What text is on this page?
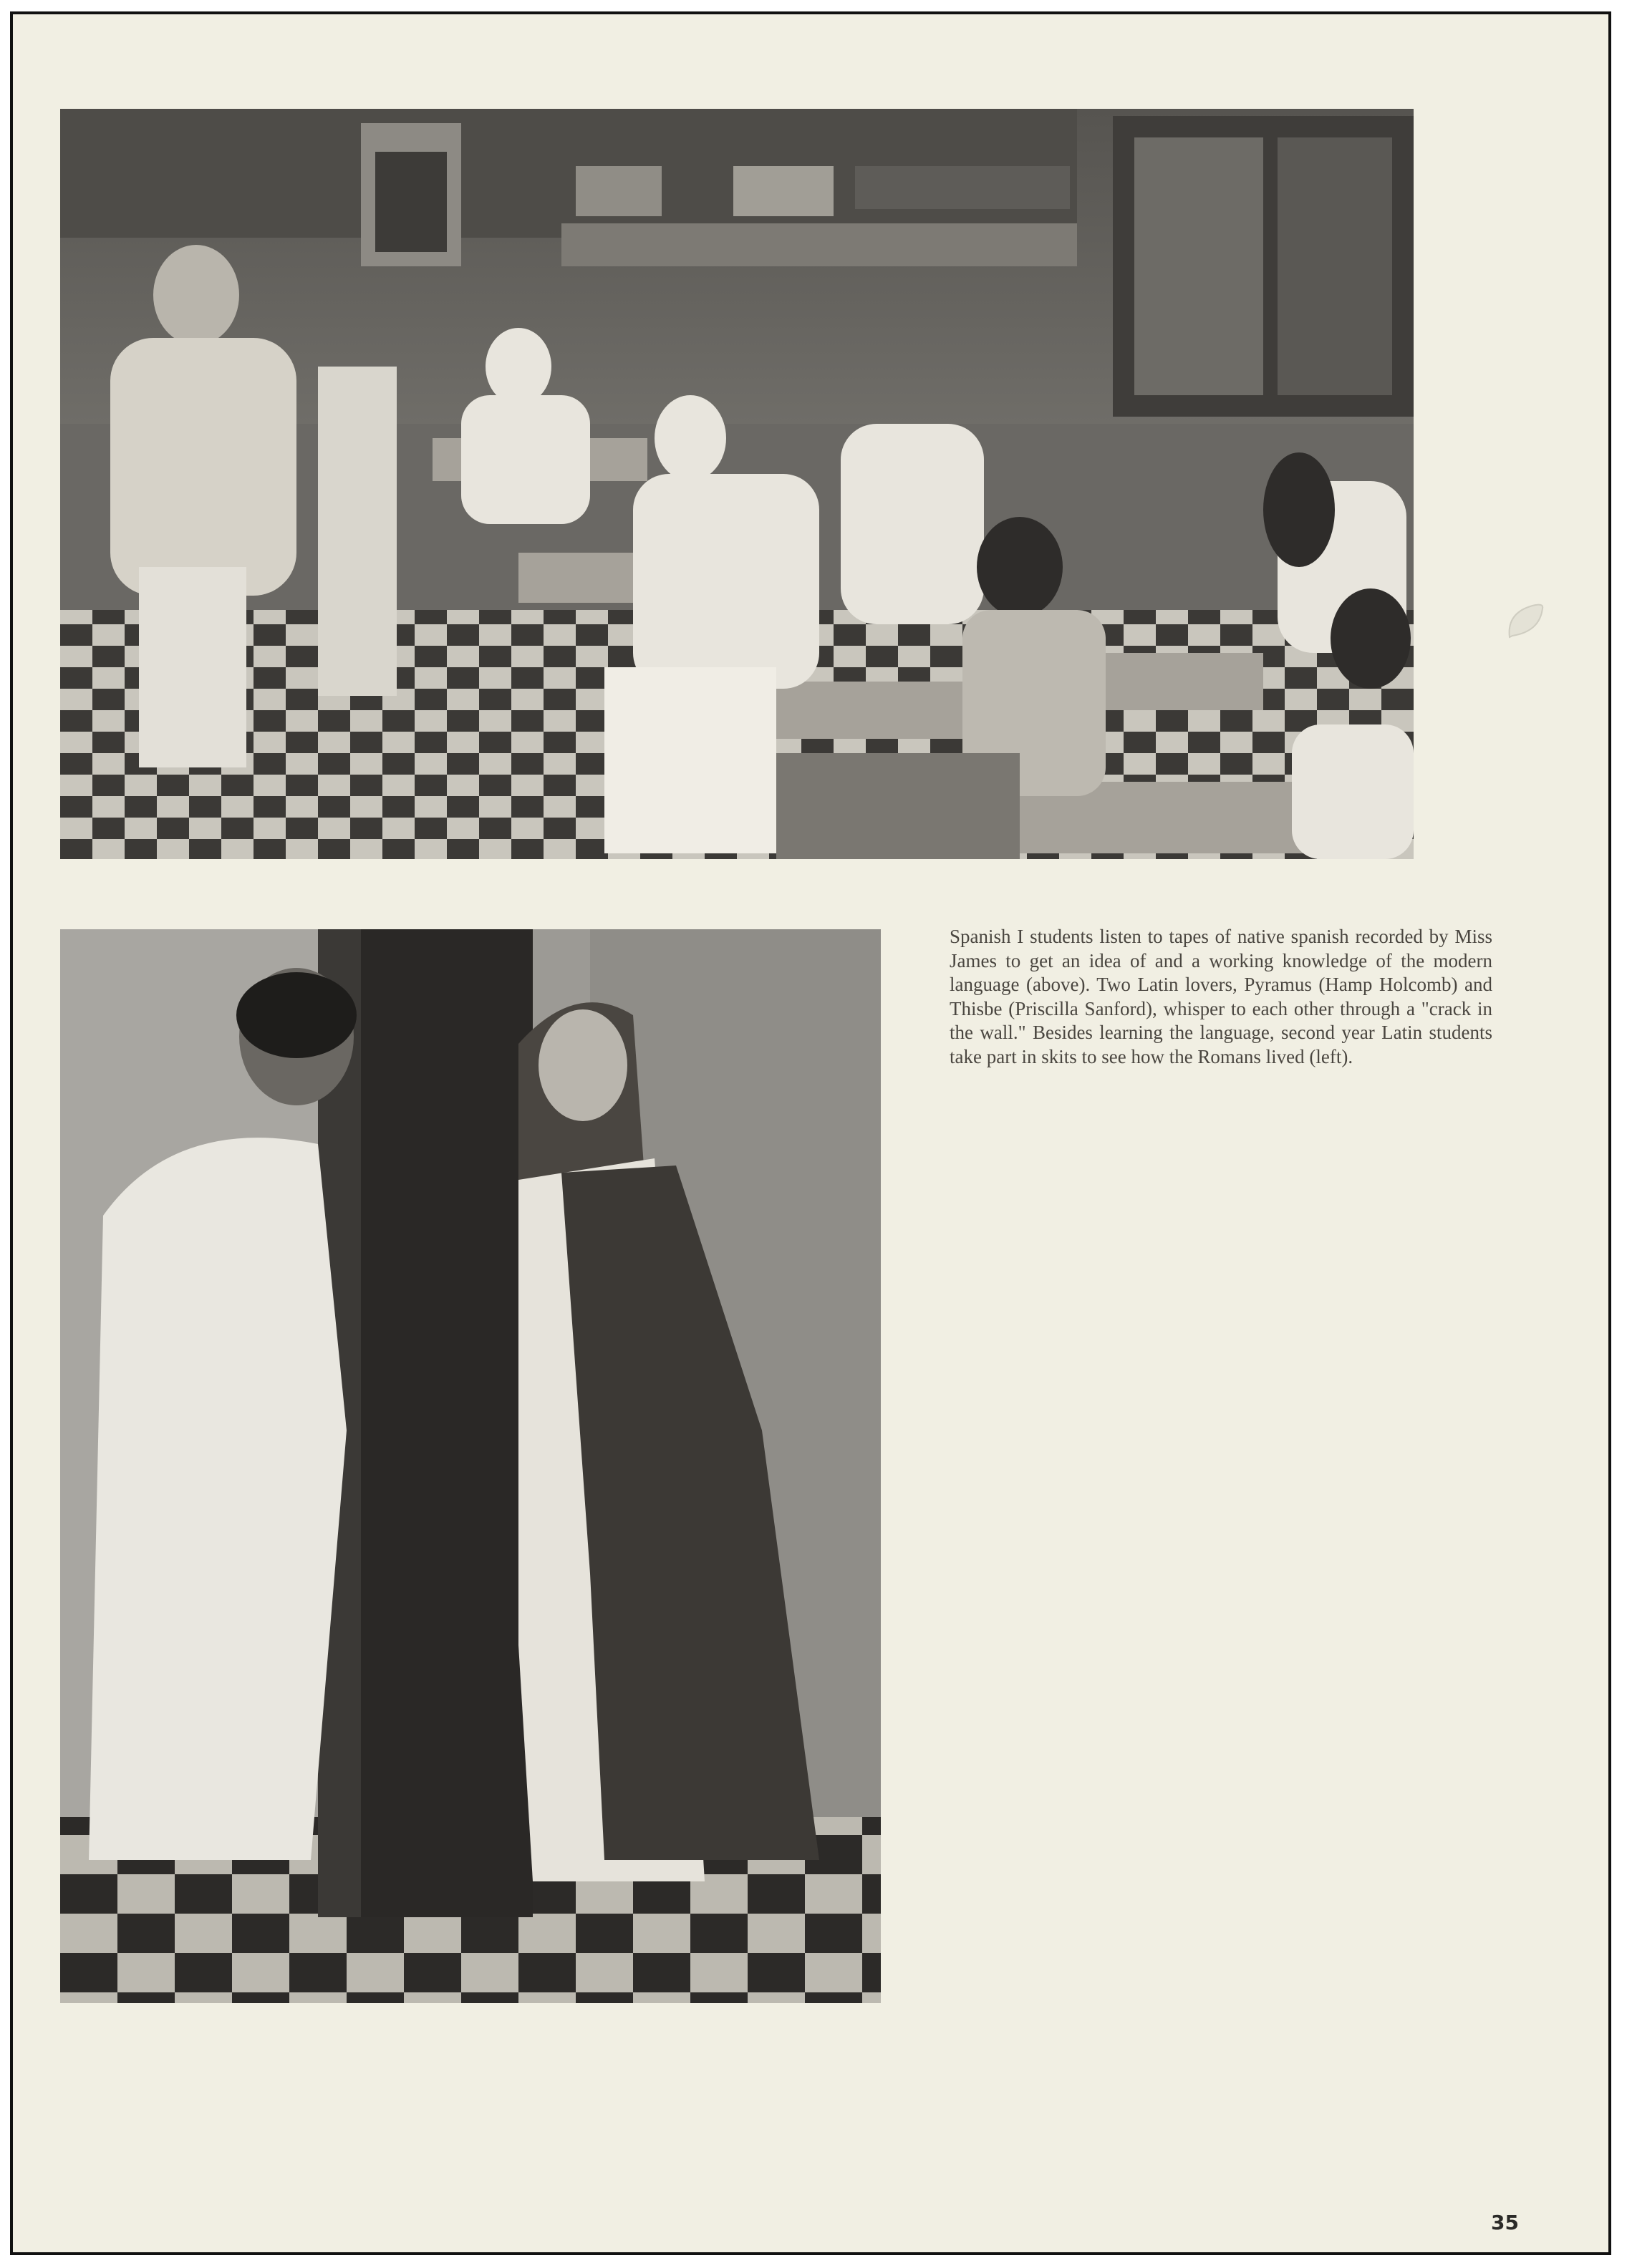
Spanish I students listen to tapes of native spanish recorded by Miss James to get an idea of and a working knowledge of the modern language (above). Two Latin lovers, Pyramus (Hamp Holcomb) and Thisbe (Priscilla Sanford), whisper to each other through a "crack in the wall." Besides learning the language, second year Latin students take part in skits to see how the Romans lived (left).

35
